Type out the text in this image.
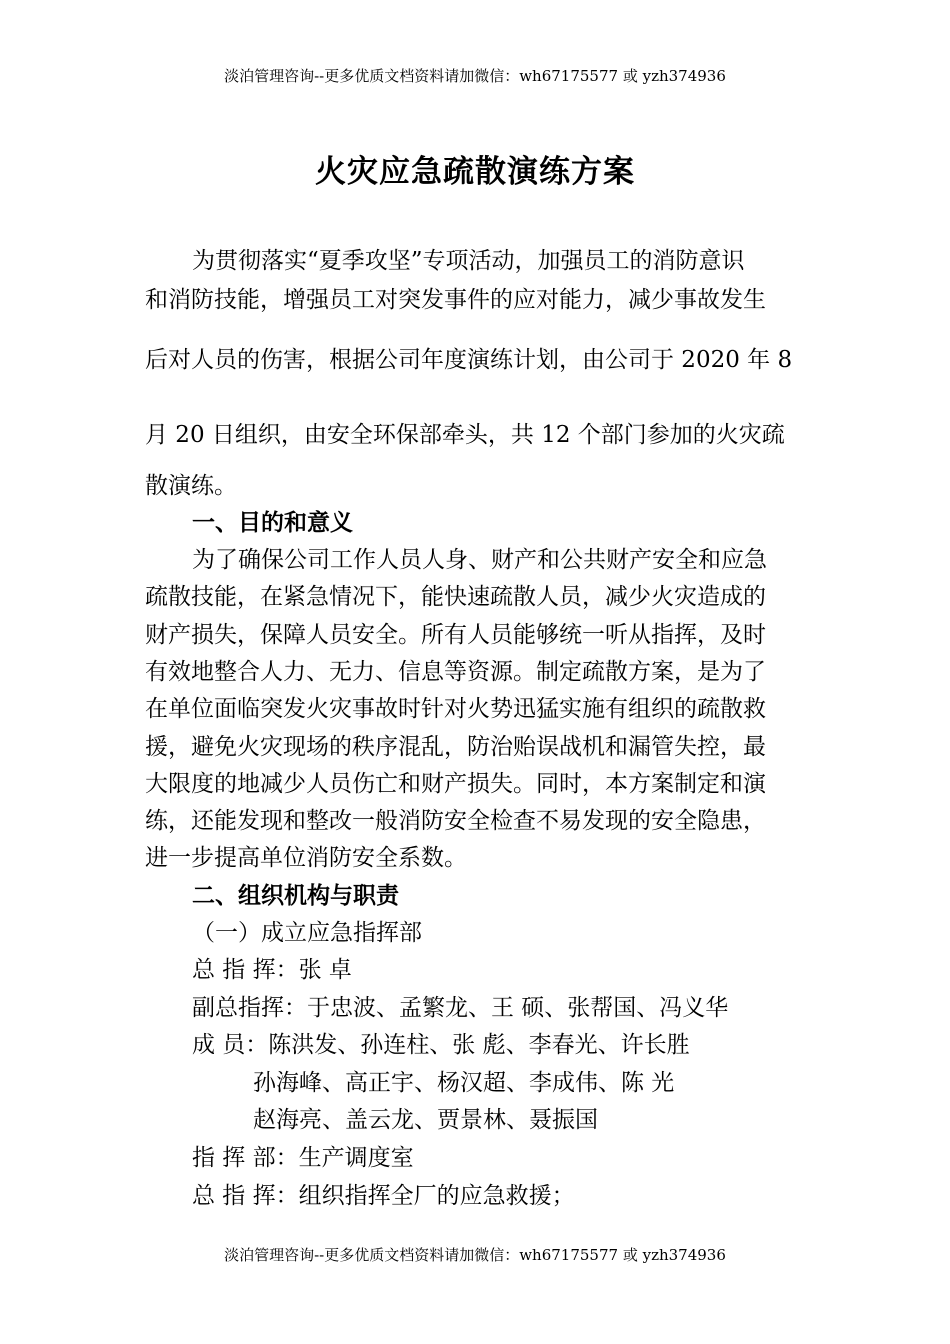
淡泊管理咨询--更多优质文档资料请加微信：wh67175577 或 yzh374936
火灾应急疏散演练方案
为贯彻落实“夏季攻坚”专项活动，加强员工的消防意识
和消防技能，增强员工对突发事件的应对能力，减少事故发生
后对人员的伤害，根据公司年度演练计划，由公司于 2020 年 8
月 20 日组织，由安全环保部牵头，共 12 个部门参加的火灾疏
散演练。
一、目的和意义
为了确保公司工作人员人身、财产和公共财产安全和应急
疏散技能，在紧急情况下，能快速疏散人员，减少火灾造成的
财产损失，保障人员安全。所有人员能够统一听从指挥，及时
有效地整合人力、无力、信息等资源。制定疏散方案，是为了
在单位面临突发火灾事故时针对火势迅猛实施有组织的疏散救
援，避免火灾现场的秩序混乱，防治贻误战机和漏管失控，最
大限度的地减少人员伤亡和财产损失。同时，本方案制定和演
练，还能发现和整改一般消防安全检查不易发现的安全隐患，
进一步提高单位消防安全系数。
二、组织机构与职责
（一）成立应急指挥部
总 指 挥：张 卓
副总指挥：于忠波、孟繁龙、王 硕、张帮国、冯义华
成 员：陈洪发、孙连柱、张 彪、李春光、许长胜
孙海峰、高正宇、杨汉超、李成伟、陈 光
赵海亮、盖云龙、贾景林、聂振国
指 挥 部：生产调度室
总 指 挥：组织指挥全厂的应急救援；
淡泊管理咨询--更多优质文档资料请加微信：wh67175577 或 yzh374936
